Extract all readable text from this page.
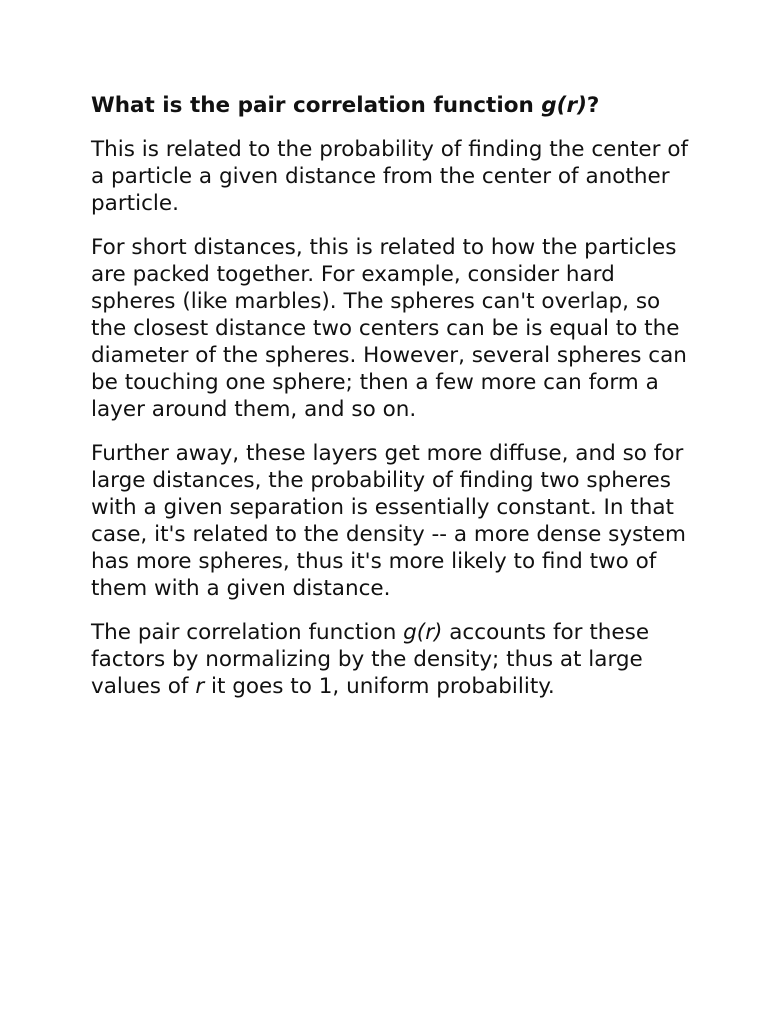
What is the pair correlation function g(r)?

This is related to the probability of finding the center of a particle a given distance from the center of another particle.

For short distances, this is related to how the particles are packed together. For example, consider hard spheres (like marbles). The spheres can't overlap, so the closest distance two centers can be is equal to the diameter of the spheres. However, several spheres can be touching one sphere; then a few more can form a layer around them, and so on.

Further away, these layers get more diffuse, and so for large distances, the probability of finding two spheres with a given separation is essentially constant. In that case, it's related to the density -- a more dense system has more spheres, thus it's more likely to find two of them with a given distance.

The pair correlation function g(r) accounts for these factors by normalizing by the density; thus at large values of r it goes to 1, uniform probability.
